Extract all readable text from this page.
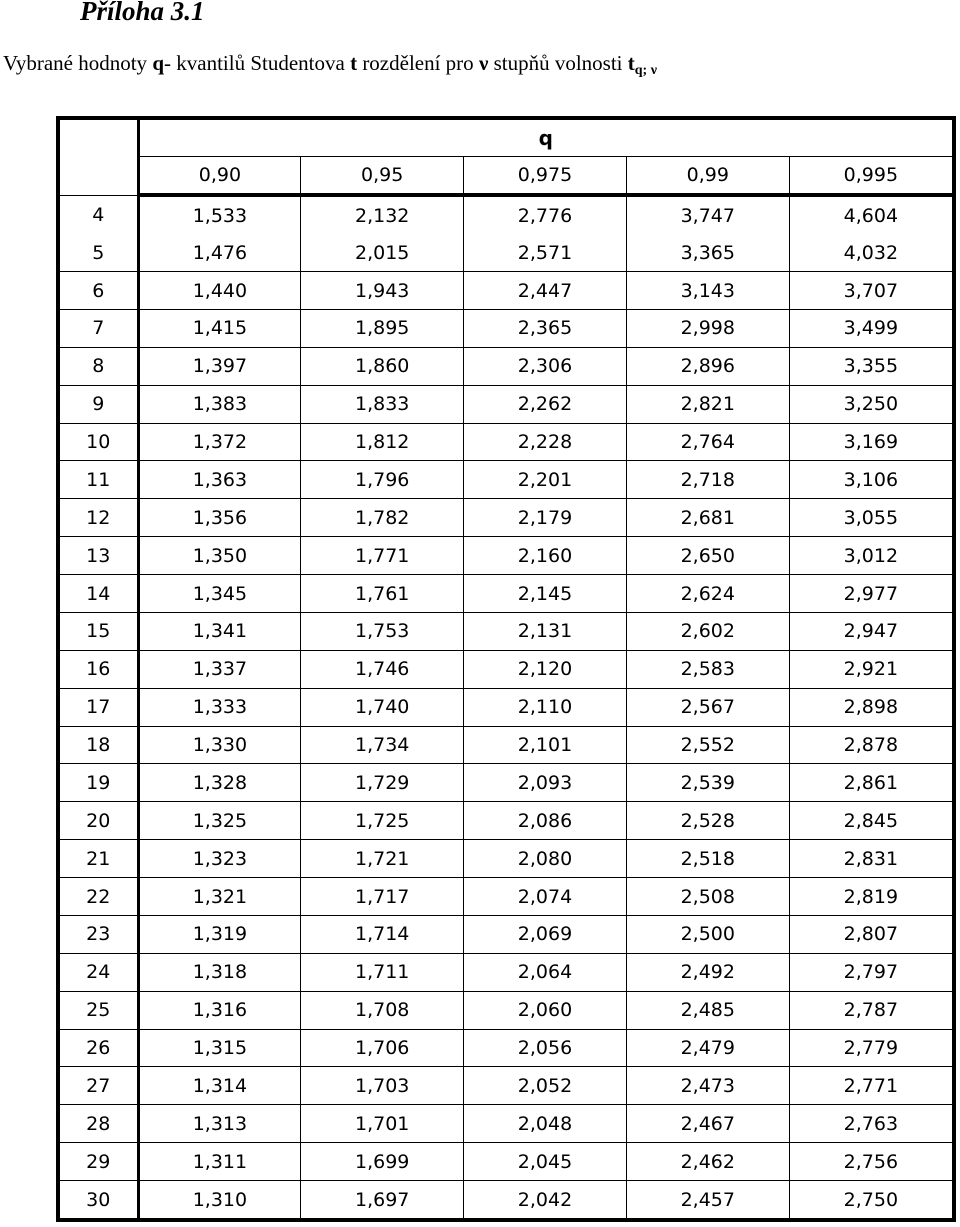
Příloha 3.1

Vybrané hodnoty q- kvantilů Studentova t rozdělení pro ν stupňů volnosti $t_{q; \nu}$

	q				
	0,90	0,95	0,975	0,99	0,995
4	1,533	2,132	2,776	3,747	4,604
5	1,476	2,015	2,571	3,365	4,032
6	1,440	1,943	2,447	3,143	3,707
7	1,415	1,895	2,365	2,998	3,499
8	1,397	1,860	2,306	2,896	3,355
9	1,383	1,833	2,262	2,821	3,250
10	1,372	1,812	2,228	2,764	3,169
11	1,363	1,796	2,201	2,718	3,106
12	1,356	1,782	2,179	2,681	3,055
13	1,350	1,771	2,160	2,650	3,012
14	1,345	1,761	2,145	2,624	2,977
15	1,341	1,753	2,131	2,602	2,947
16	1,337	1,746	2,120	2,583	2,921
17	1,333	1,740	2,110	2,567	2,898
18	1,330	1,734	2,101	2,552	2,878
19	1,328	1,729	2,093	2,539	2,861
20	1,325	1,725	2,086	2,528	2,845
21	1,323	1,721	2,080	2,518	2,831
22	1,321	1,717	2,074	2,508	2,819
23	1,319	1,714	2,069	2,500	2,807
24	1,318	1,711	2,064	2,492	2,797
25	1,316	1,708	2,060	2,485	2,787
26	1,315	1,706	2,056	2,479	2,779
27	1,314	1,703	2,052	2,473	2,771
28	1,313	1,701	2,048	2,467	2,763
29	1,311	1,699	2,045	2,462	2,756
30	1,310	1,697	2,042	2,457	2,750
